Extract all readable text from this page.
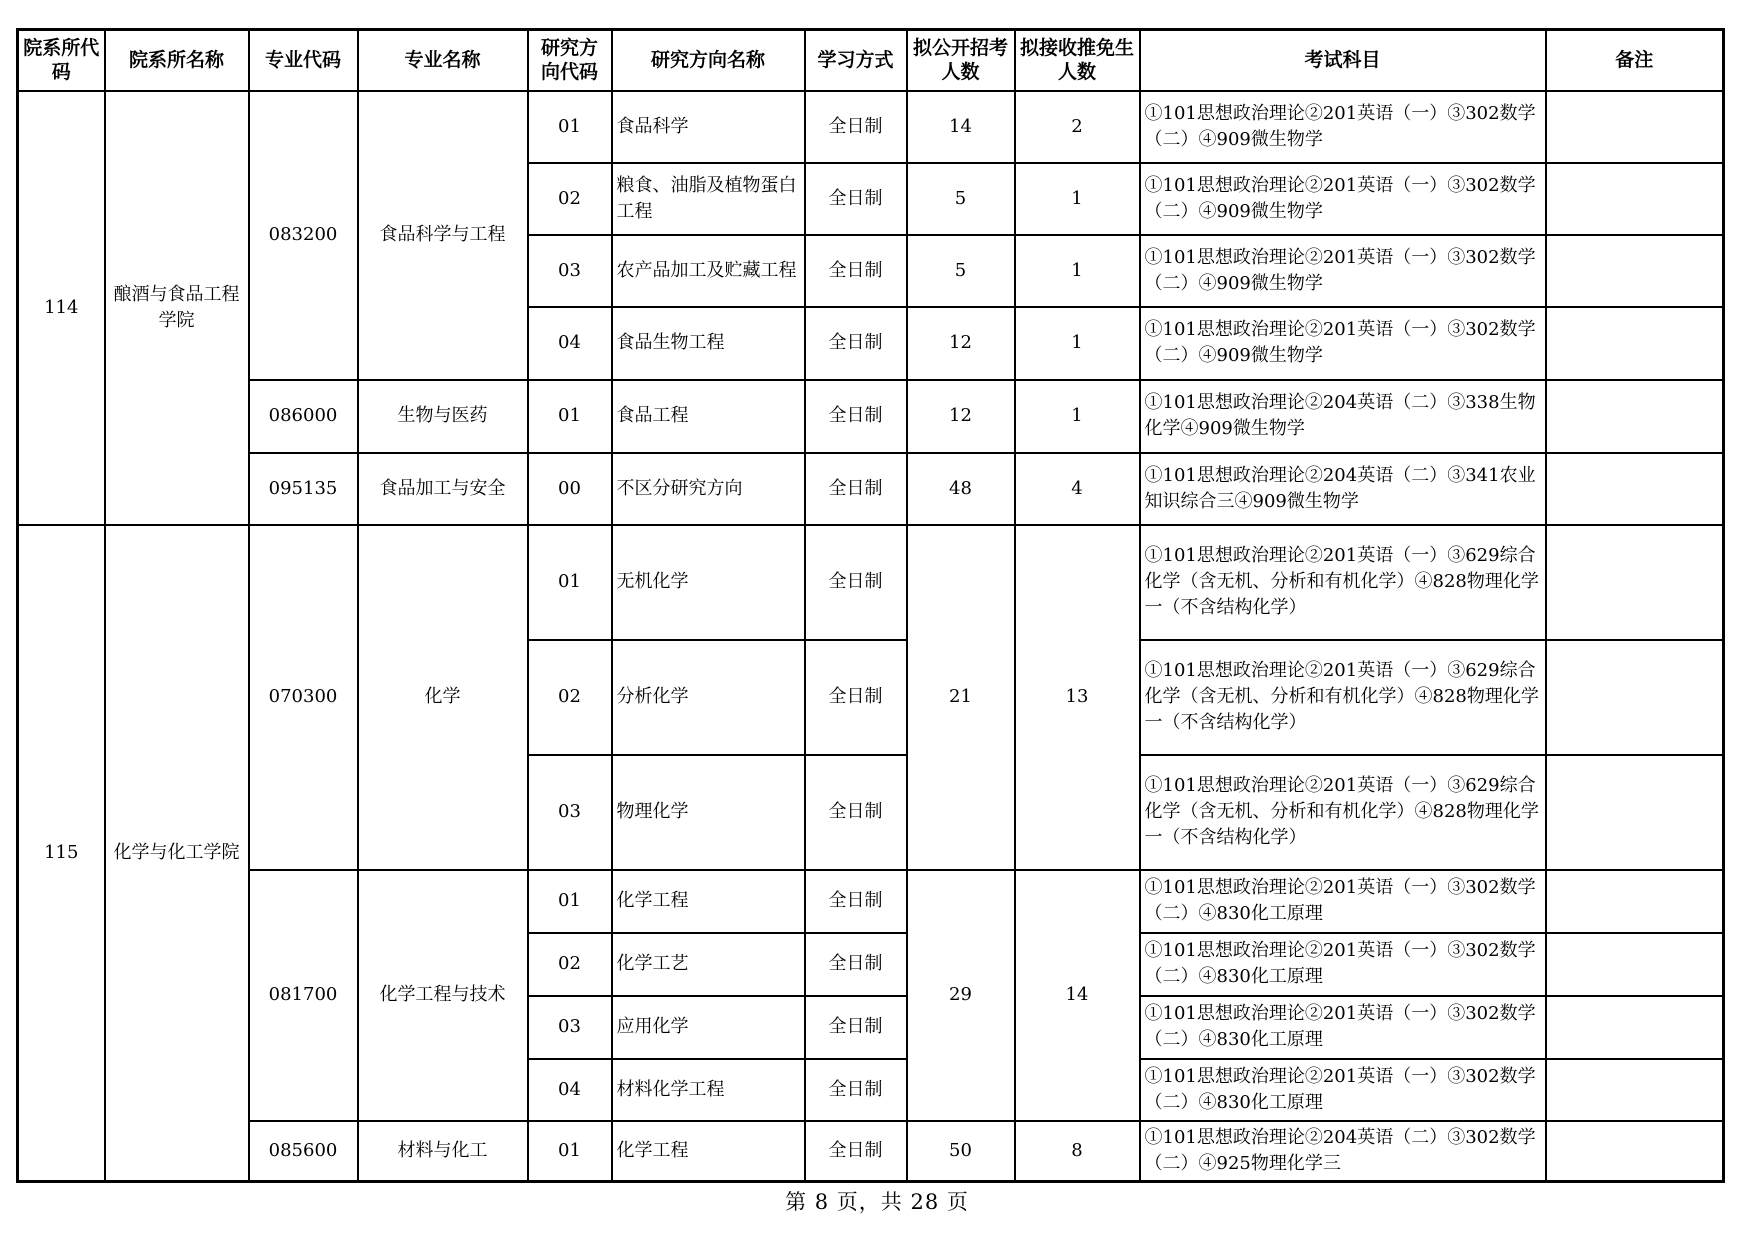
院系所代码	院系所名称	专业代码	专业名称	研究方向代码	研究方向名称	学习方式	拟公开招考人数	拟接收推免生人数	考试科目	备注
114	酿酒与食品工程学院	083200	食品科学与工程	01	食品科学	全日制	14	2	①101思想政治理论②201英语（一）③302数学（二）④909微生物学	
				02	粮食、油脂及植物蛋白工程	全日制	5	1	①101思想政治理论②201英语（一）③302数学（二）④909微生物学	
				03	农产品加工及贮藏工程	全日制	5	1	①101思想政治理论②201英语（一）③302数学（二）④909微生物学	
				04	食品生物工程	全日制	12	1	①101思想政治理论②201英语（一）③302数学（二）④909微生物学	
		086000	生物与医药	01	食品工程	全日制	12	1	①101思想政治理论②204英语（二）③338生物化学④909微生物学	
		095135	食品加工与安全	00	不区分研究方向	全日制	48	4	①101思想政治理论②204英语（二）③341农业知识综合三④909微生物学	
115	化学与化工学院	070300	化学	01	无机化学	全日制	21	13	①101思想政治理论②201英语（一）③629综合化学（含无机、分析和有机化学）④828物理化学一（不含结构化学）	
				02	分析化学	全日制			①101思想政治理论②201英语（一）③629综合化学（含无机、分析和有机化学）④828物理化学一（不含结构化学）	
				03	物理化学	全日制			①101思想政治理论②201英语（一）③629综合化学（含无机、分析和有机化学）④828物理化学一（不含结构化学）	
		081700	化学工程与技术	01	化学工程	全日制	29	14	①101思想政治理论②201英语（一）③302数学（二）④830化工原理	
				02	化学工艺	全日制			①101思想政治理论②201英语（一）③302数学（二）④830化工原理	
				03	应用化学	全日制			①101思想政治理论②201英语（一）③302数学（二）④830化工原理	
				04	材料化学工程	全日制			①101思想政治理论②201英语（一）③302数学（二）④830化工原理	
		085600	材料与化工	01	化学工程	全日制	50	8	①101思想政治理论②204英语（二）③302数学（二）④925物理化学三	
第 8 页，共 28 页
